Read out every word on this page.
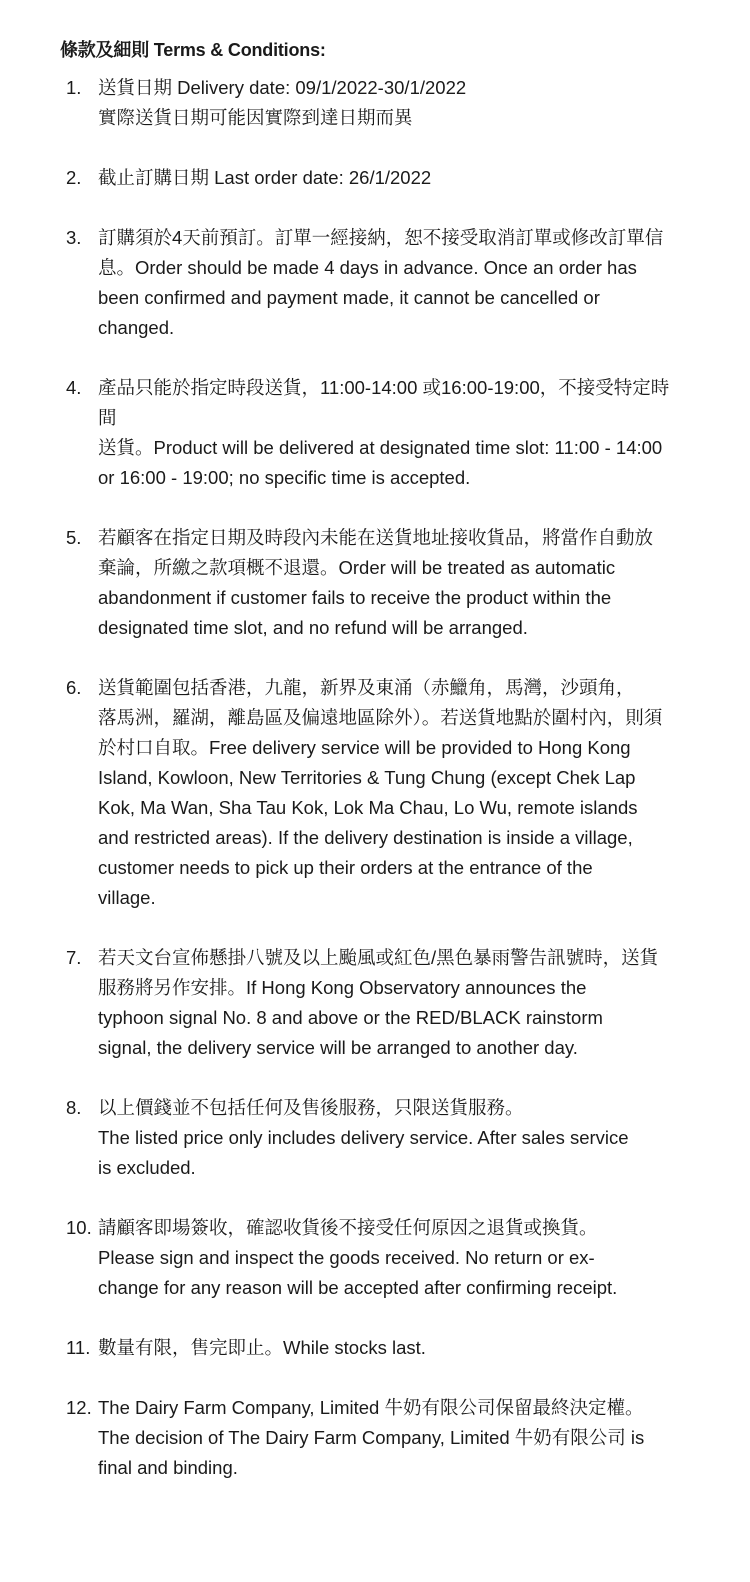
條款及細則 Terms & Conditions:
1. 送貨日期 Delivery date: 09/1/2022-30/1/2022
實際送貨日期可能因實際到達日期而異
2. 截止訂購日期 Last order date: 26/1/2022
3. 訂購須於4天前預訂。訂單一經接納，恕不接受取消訂單或修改訂單信
息。Order should be made 4 days in advance. Once an order has
been confirmed and payment made, it cannot be cancelled or
changed.
4. 產品只能於指定時段送貨，11:00-14:00 或16:00-19:00，不接受特定時間
送貨。Product will be delivered at designated time slot: 11:00 - 14:00
or 16:00 - 19:00; no specific time is accepted.
5. 若顧客在指定日期及時段內未能在送貨地址接收貨品，將當作自動放
棄論，所繳之款項概不退還。Order will be treated as automatic
abandonment if customer fails to receive the product within the
designated time slot, and no refund will be arranged.
6. 送貨範圍包括香港，九龍，新界及東涌（赤鱲角，馬灣，沙頭角，
落馬洲，羅湖，離島區及偏遠地區除外）。若送貨地點於圍村內，則須
於村口自取。Free delivery service will be provided to Hong Kong
Island, Kowloon, New Territories & Tung Chung (except Chek Lap
Kok, Ma Wan, Sha Tau Kok, Lok Ma Chau, Lo Wu, remote islands
and restricted areas). If the delivery destination is inside a village,
customer needs to pick up their orders at the entrance of the
village.
7. 若天文台宣佈懸掛八號及以上颱風或紅色/黑色暴雨警告訊號時，送貨
服務將另作安排。If Hong Kong Observatory announces the
typhoon signal No. 8 and above or the RED/BLACK rainstorm
signal, the delivery service will be arranged to another day.
8. 以上價錢並不包括任何及售後服務，只限送貨服務。
The listed price only includes delivery service. After sales service
is excluded.
10. 請顧客即場簽收，確認收貨後不接受任何原因之退貨或換貨。
Please sign and inspect the goods received. No return or ex-
change for any reason will be accepted after confirming receipt.
11. 數量有限，售完即止。While stocks last.
12. The Dairy Farm Company, Limited 牛奶有限公司保留最終決定權。
The decision of The Dairy Farm Company, Limited 牛奶有限公司 is
final and binding.
